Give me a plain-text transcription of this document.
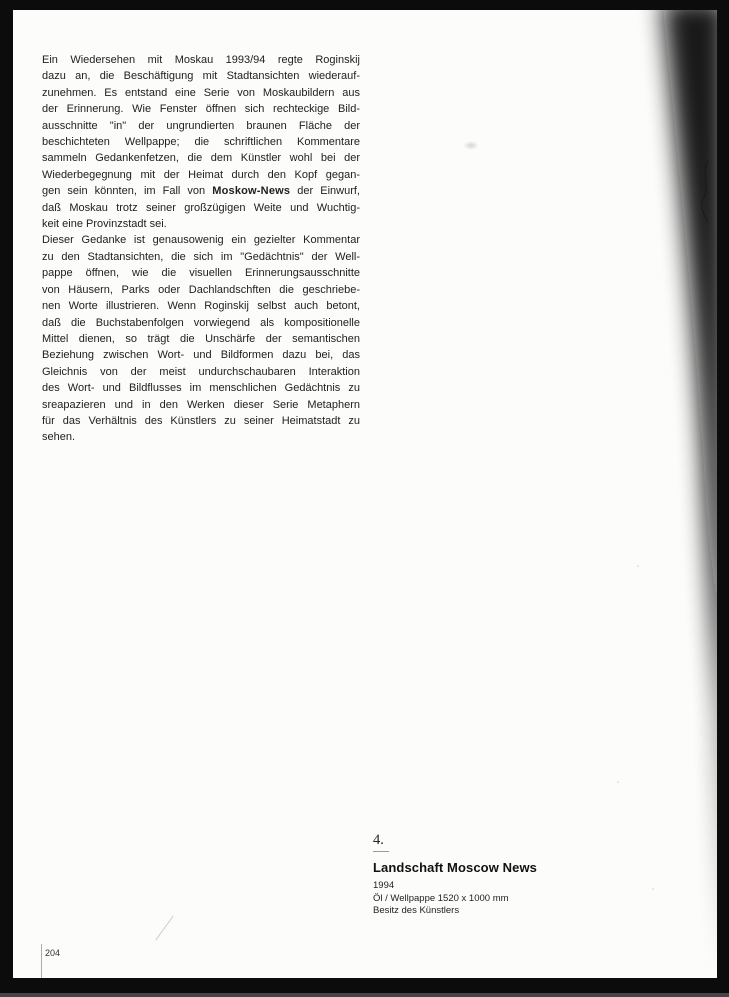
Ein Wiedersehen mit Moskau 1993/94 regte Roginskij
dazu an, die Beschäftigung mit Stadtansichten wiederauf-
zunehmen. Es entstand eine Serie von Moskaubildern aus
der Erinnerung. Wie Fenster öffnen sich rechteckige Bild-
ausschnitte "in" der ungrundierten braunen Fläche der
beschichteten Wellpappe; die schriftlichen Kommentare
sammeln Gedankenfetzen, die dem Künstler wohl bei der
Wiederbegegnung mit der Heimat durch den Kopf gegan-
gen sein könnten, im Fall von Moskow-News der Einwurf,
daß Moskau trotz seiner großzügigen Weite und Wuchtig-
keit eine Provinzstadt sei.
Dieser Gedanke ist genausowenig ein gezielter Kommentar
zu den Stadtansichten, die sich im "Gedächtnis" der Well-
pappe öffnen, wie die visuellen Erinnerungsausschnitte
von Häusern, Parks oder Dachlandschften die geschriebe-
nen Worte illustrieren. Wenn Roginskij selbst auch betont,
daß die Buchstabenfolgen vorwiegend als kompositionelle
Mittel dienen, so trägt die Unschärfe der semantischen
Beziehung zwischen Wort- und Bildformen dazu bei, das
Gleichnis von der meist undurchschaubaren Interaktion
des Wort- und Bildflusses im menschlichen Gedächtnis zu
sreapazieren und in den Werken dieser Serie Metaphern
für das Verhältnis des Künstlers zu seiner Heimatstadt zu
sehen.
4.
Landschaft Moscow News
1994
Öl / Wellpappe 1520 x 1000 mm
Besitz des Künstlers
204
